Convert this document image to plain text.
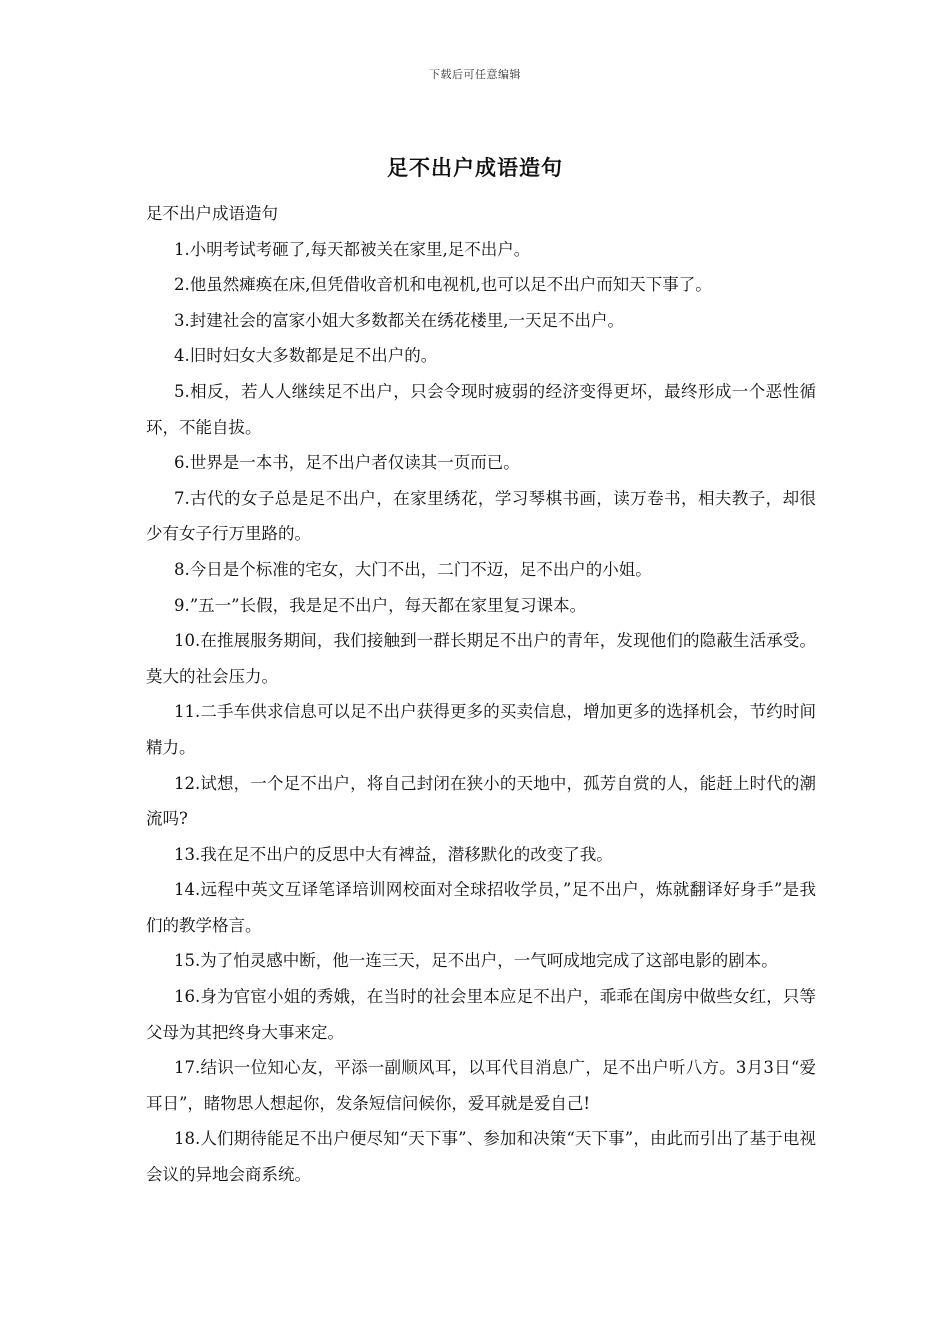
下载后可任意编辑
足不出户成语造句

足不出户成语造句

1.小明考试考砸了,每天都被关在家里,足不出户。
2.他虽然瘫痪在床,但凭借收音机和电视机,也可以足不出户而知天下事了。
3.封建社会的富家小姐大多数都关在绣花楼里,一天足不出户。
4.旧时妇女大多数都是足不出户的。
5.相反，若人人继续足不出户，只会令现时疲弱的经济变得更坏，最终形成一个恶性循环，不能自拔。
6.世界是一本书，足不出户者仅读其一页而已。
7.古代的女子总是足不出户，在家里绣花，学习琴棋书画，读万卷书，相夫教子，却很少有女子行万里路的。
8.今日是个标准的宅女，大门不出，二门不迈，足不出户的小姐。
9.”五一”长假，我是足不出户，每天都在家里复习课本。
10.在推展服务期间，我们接触到一群长期足不出户的青年，发现他们的隐蔽生活承受。莫大的社会压力。
11.二手车供求信息可以足不出户获得更多的买卖信息，增加更多的选择机会，节约时间精力。
12.试想，一个足不出户，将自己封闭在狭小的天地中，孤芳自赏的人，能赶上时代的潮流吗?
13.我在足不出户的反思中大有裨益，潜移默化的改变了我。
14.远程中英文互译笔译培训网校面对全球招收学员，”足不出户，炼就翻译好身手”是我们的教学格言。
15.为了怕灵感中断，他一连三天，足不出户，一气呵成地完成了这部电影的剧本。
16.身为官宦小姐的秀娥，在当时的社会里本应足不出户，乖乖在闺房中做些女红，只等父母为其把终身大事来定。
17.结识一位知心友，平添一副顺风耳，以耳代目消息广，足不出户听八方。3月3日“爱耳日”，睹物思人想起你，发条短信问候你，爱耳就是爱自己!
18.人们期待能足不出户便尽知“天下事”、参加和决策“天下事”，由此而引出了基于电视会议的异地会商系统。
